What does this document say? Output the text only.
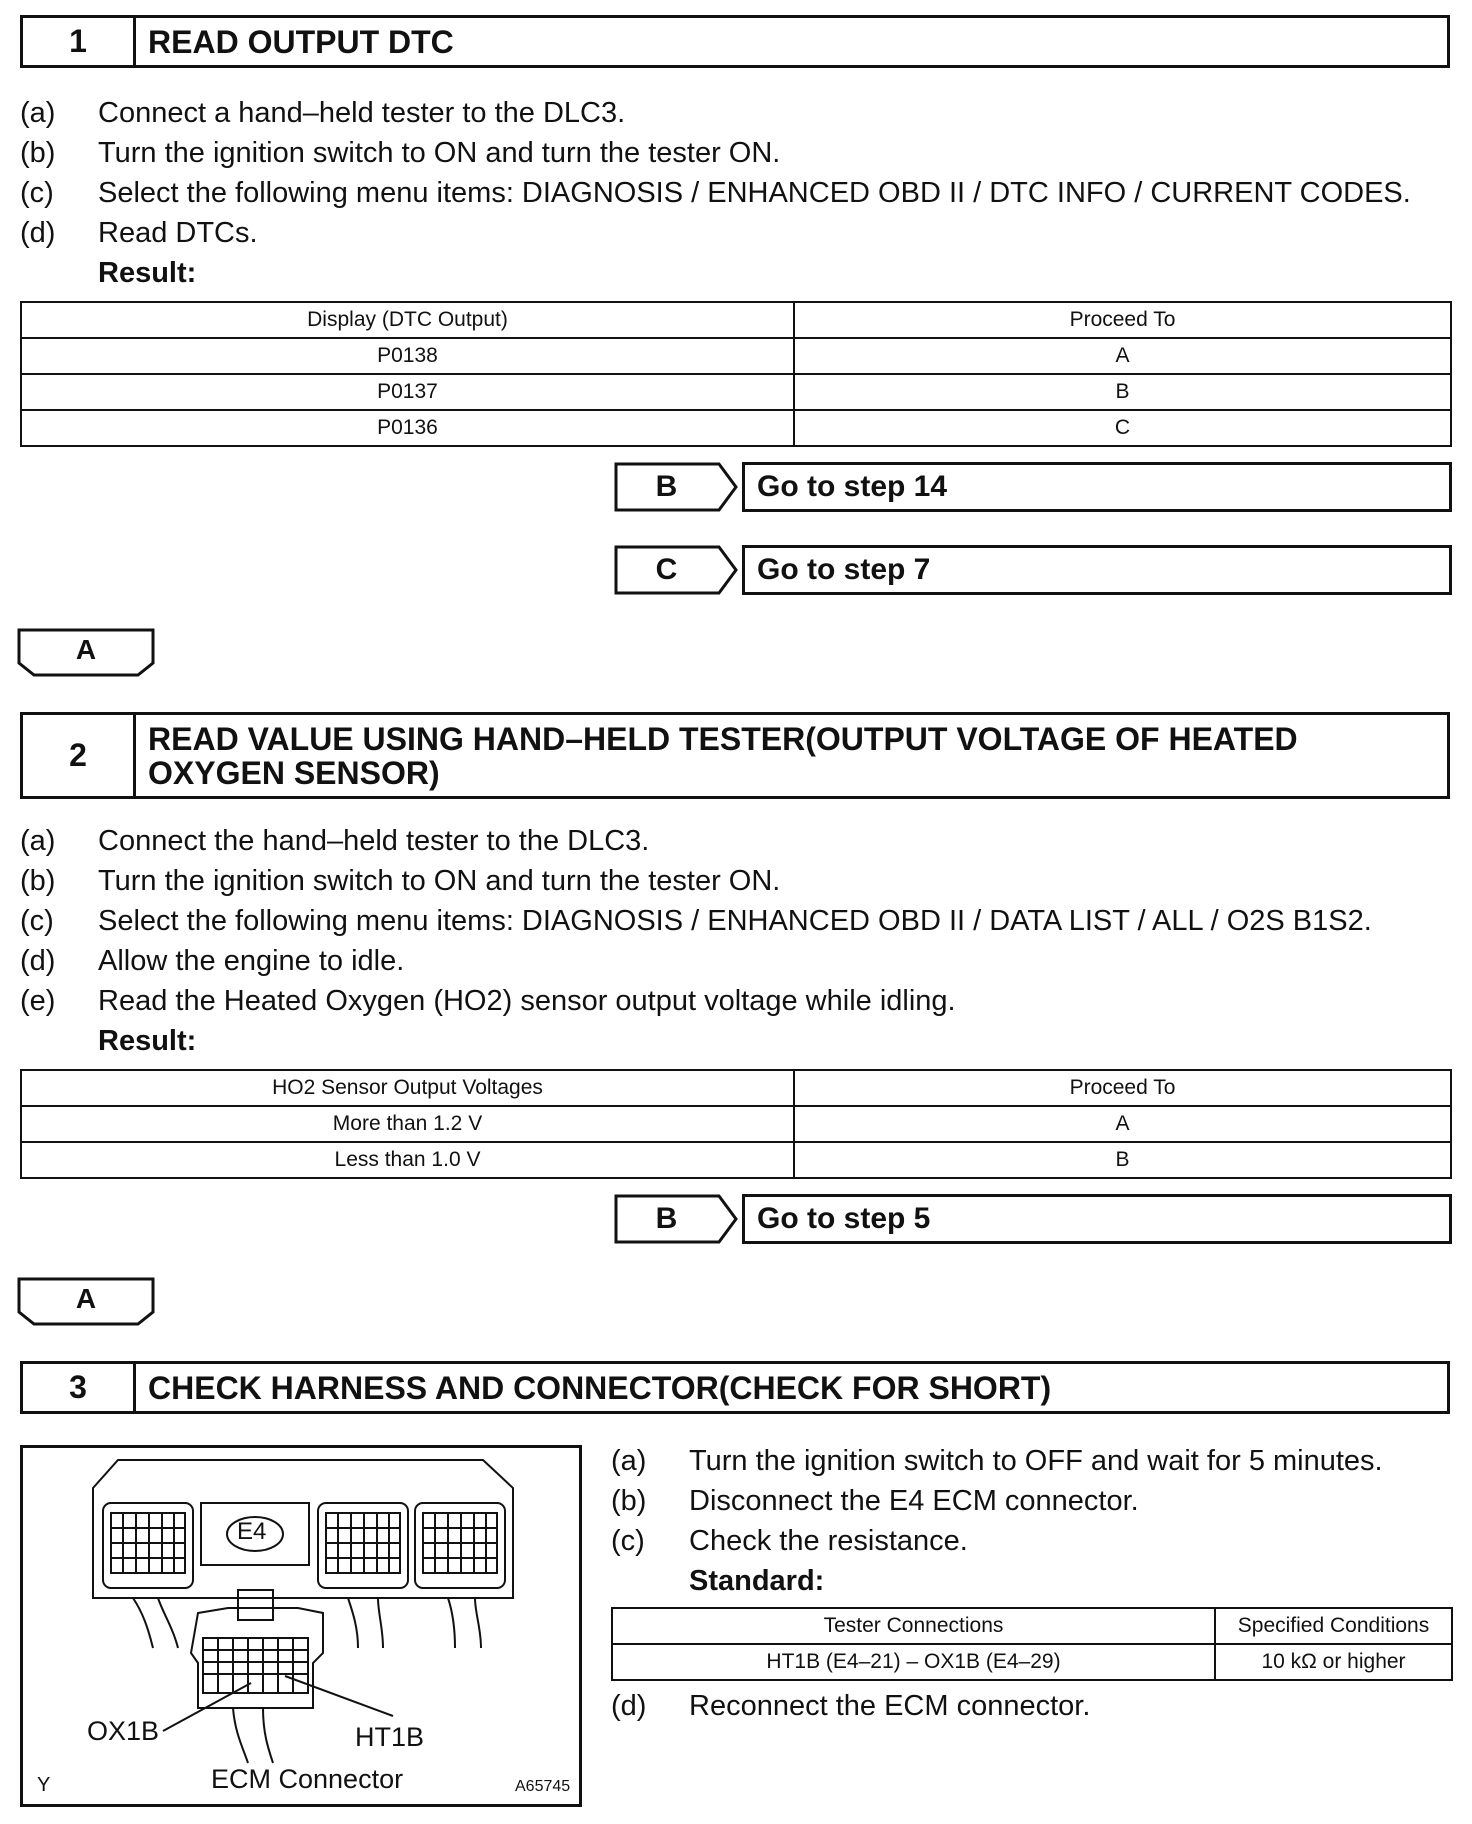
1	READ OUTPUT DTC
(a)	Connect a hand–held tester to the DLC3.
(b)	Turn the ignition switch to ON and turn the tester ON.
(c)	Select the following menu items: DIAGNOSIS / ENHANCED OBD II / DTC INFO / CURRENT CODES.
(d)	Read DTCs.
Result:
Display (DTC Output)	Proceed To
P0138	A
P0137	B
P0136	C
B	Go to step 14
C	Go to step 7
A
2	READ VALUE USING HAND–HELD TESTER(OUTPUT VOLTAGE OF HEATED OXYGEN SENSOR)
(a)	Connect the hand–held tester to the DLC3.
(b)	Turn the ignition switch to ON and turn the tester ON.
(c)	Select the following menu items: DIAGNOSIS / ENHANCED OBD II / DATA LIST / ALL / O2S B1S2.
(d)	Allow the engine to idle.
(e)	Read the Heated Oxygen (HO2) sensor output voltage while idling.
Result:
HO2 Sensor Output Voltages	Proceed To
More than 1.2 V	A
Less than 1.0 V	B
B	Go to step 5
A
3	CHECK HARNESS AND CONNECTOR(CHECK FOR SHORT)
E4
OX1B	HT1B
ECM Connector
Y	A65745
(a)	Turn the ignition switch to OFF and wait for 5 minutes.
(b)	Disconnect the E4 ECM connector.
(c)	Check the resistance.
Standard:
Tester Connections	Specified Conditions
HT1B (E4–21) – OX1B (E4–29)	10 kΩ or higher
(d)	Reconnect the ECM connector.
